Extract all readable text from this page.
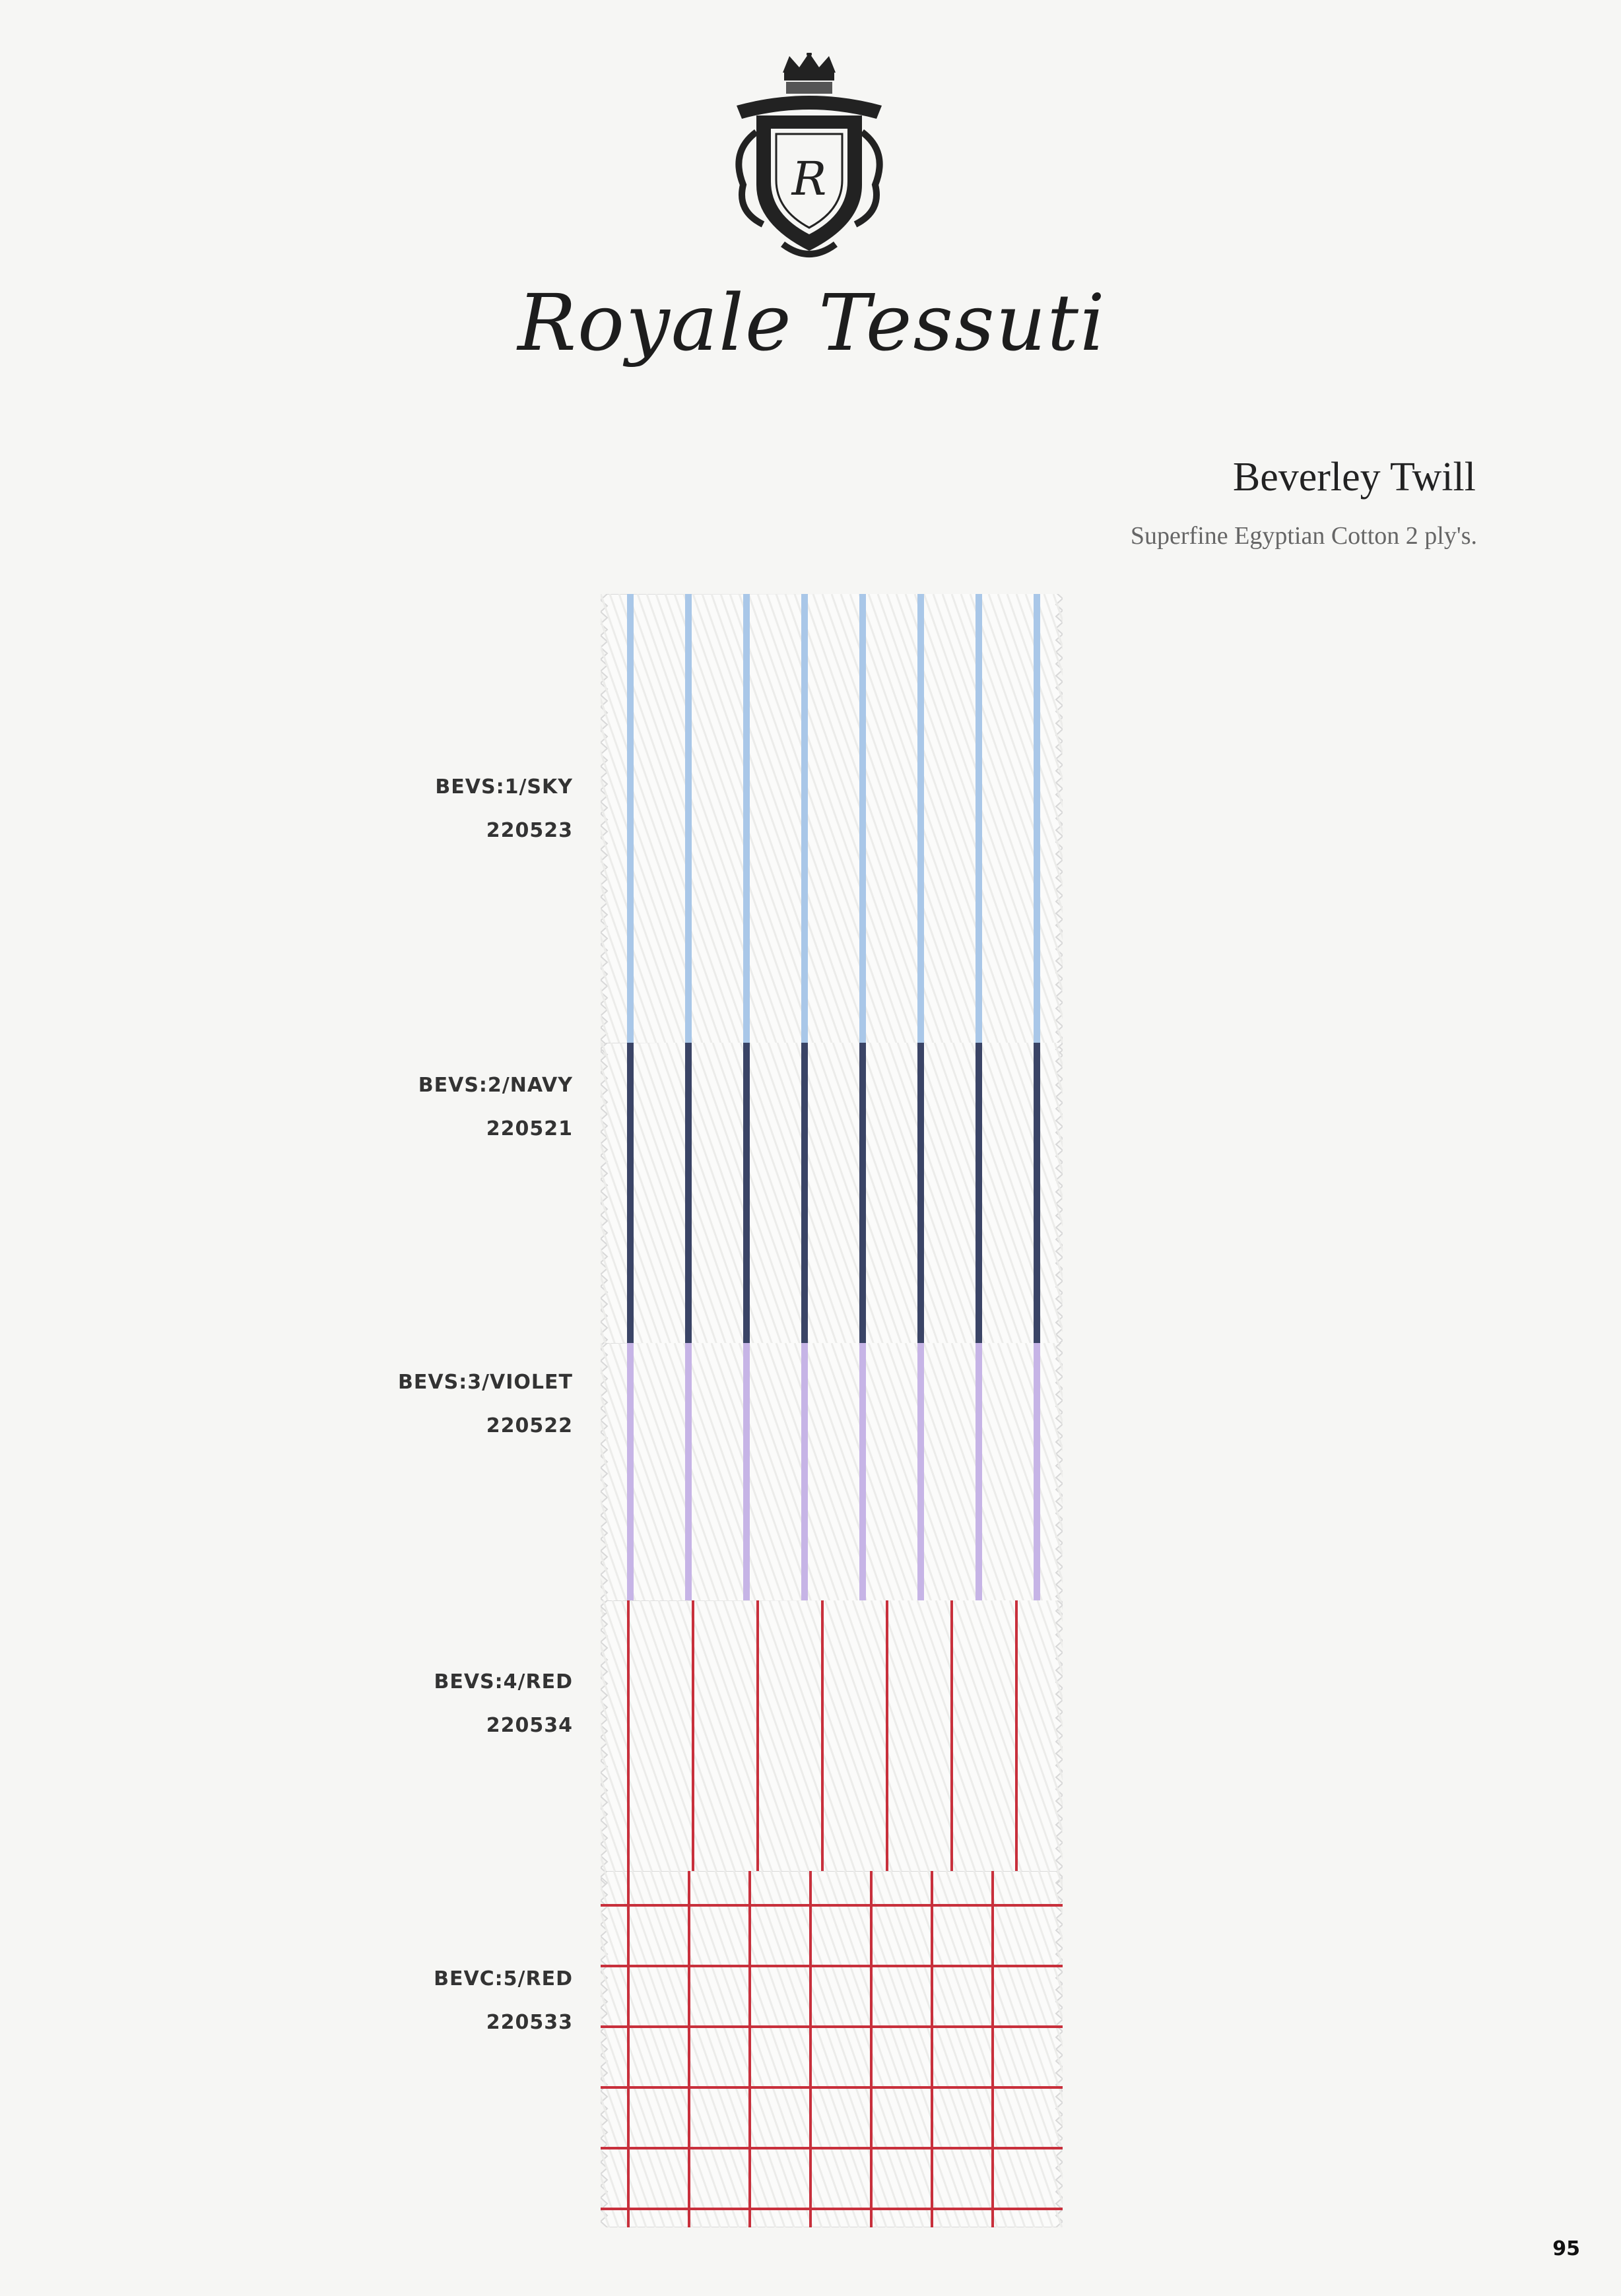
R
Royale Tessuti
Beverley Twill
Superfine Egyptian Cotton 2 ply's.
BEVS:1/SKY
220523
BEVS:2/NAVY
220521
BEVS:3/VIOLET
220522
BEVS:4/RED
220534
BEVC:5/RED
220533
95
